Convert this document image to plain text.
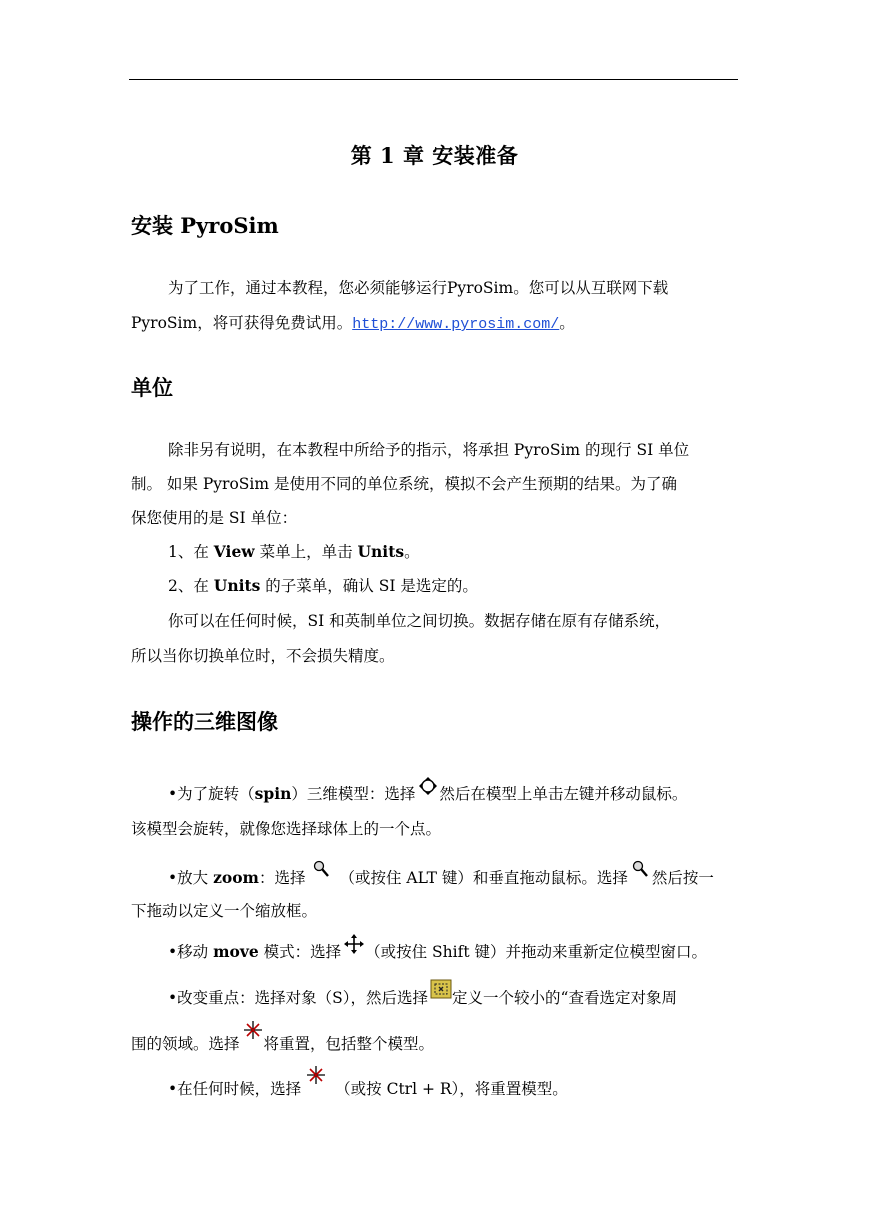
第 1 章 安装准备
安装 PyroSim
为了工作，通过本教程，您必须能够运行PyroSim。您可以从互联网下载
PyroSim，将可获得免费试用。http://www.pyrosim.com/。
单位
除非另有说明，在本教程中所给予的指示，将承担 PyroSim 的现行 SI 单位
制。 如果 PyroSim 是使用不同的单位系统，模拟不会产生预期的结果。为了确
保您使用的是 SI 单位：
1、在 View 菜单上，单击 Units。
2、在 Units 的子菜单，确认 SI 是选定的。
你可以在任何时候，SI 和英制单位之间切换。数据存储在原有存储系统，
所以当你切换单位时，不会损失精度。
操作的三维图像
•为了旋转（spin）三维模型：选择 然后在模型上单击左键并移动鼠标。
该模型会旋转，就像您选择球体上的一个点。
•放大 zoom：选择 （或按住 ALT 键）和垂直拖动鼠标。选择 然后按一
下拖动以定义一个缩放框。
•移动 move 模式：选择 （或按住 Shift 键）并拖动来重新定位模型窗口。
•改变重点：选择对象（S），然后选择 定义一个较小的“查看选定对象周
围的领域。选择 将重置，包括整个模型。
•在任何时候，选择 （或按 Ctrl + R），将重置模型。
